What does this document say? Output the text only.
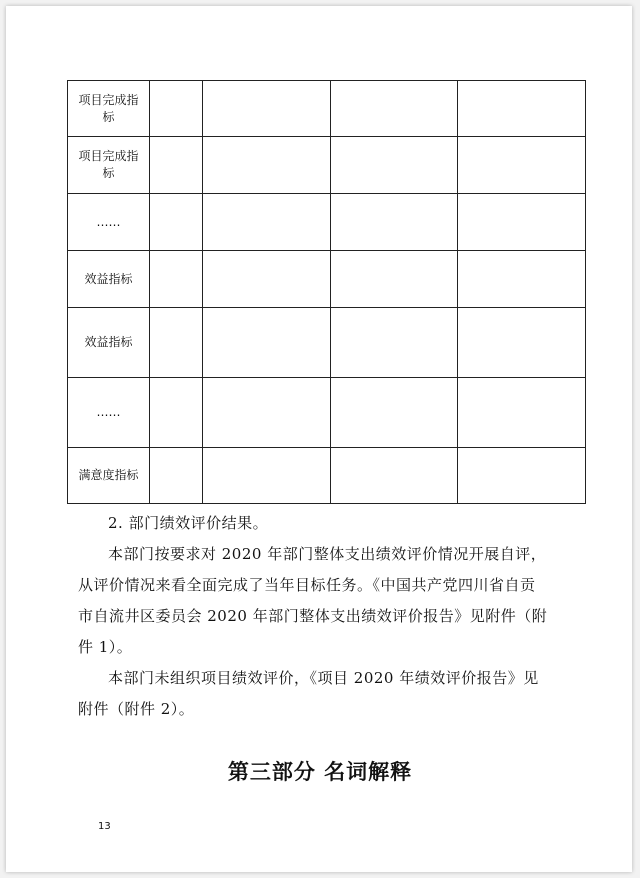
项目完成指标				
项目完成指标				
……				
效益指标				
效益指标				
……				
满意度指标				
2. 部门绩效评价结果。
本部门按要求对 2020 年部门整体支出绩效评价情况开展自评，从评价情况来看全面完成了当年目标任务。《中国共产党四川省自贡市自流井区委员会 2020 年部门整体支出绩效评价报告》见附件（附件 1）。
本部门未组织项目绩效评价，《项目 2020 年绩效评价报告》见附件（附件 2）。
第三部分 名词解释
13
